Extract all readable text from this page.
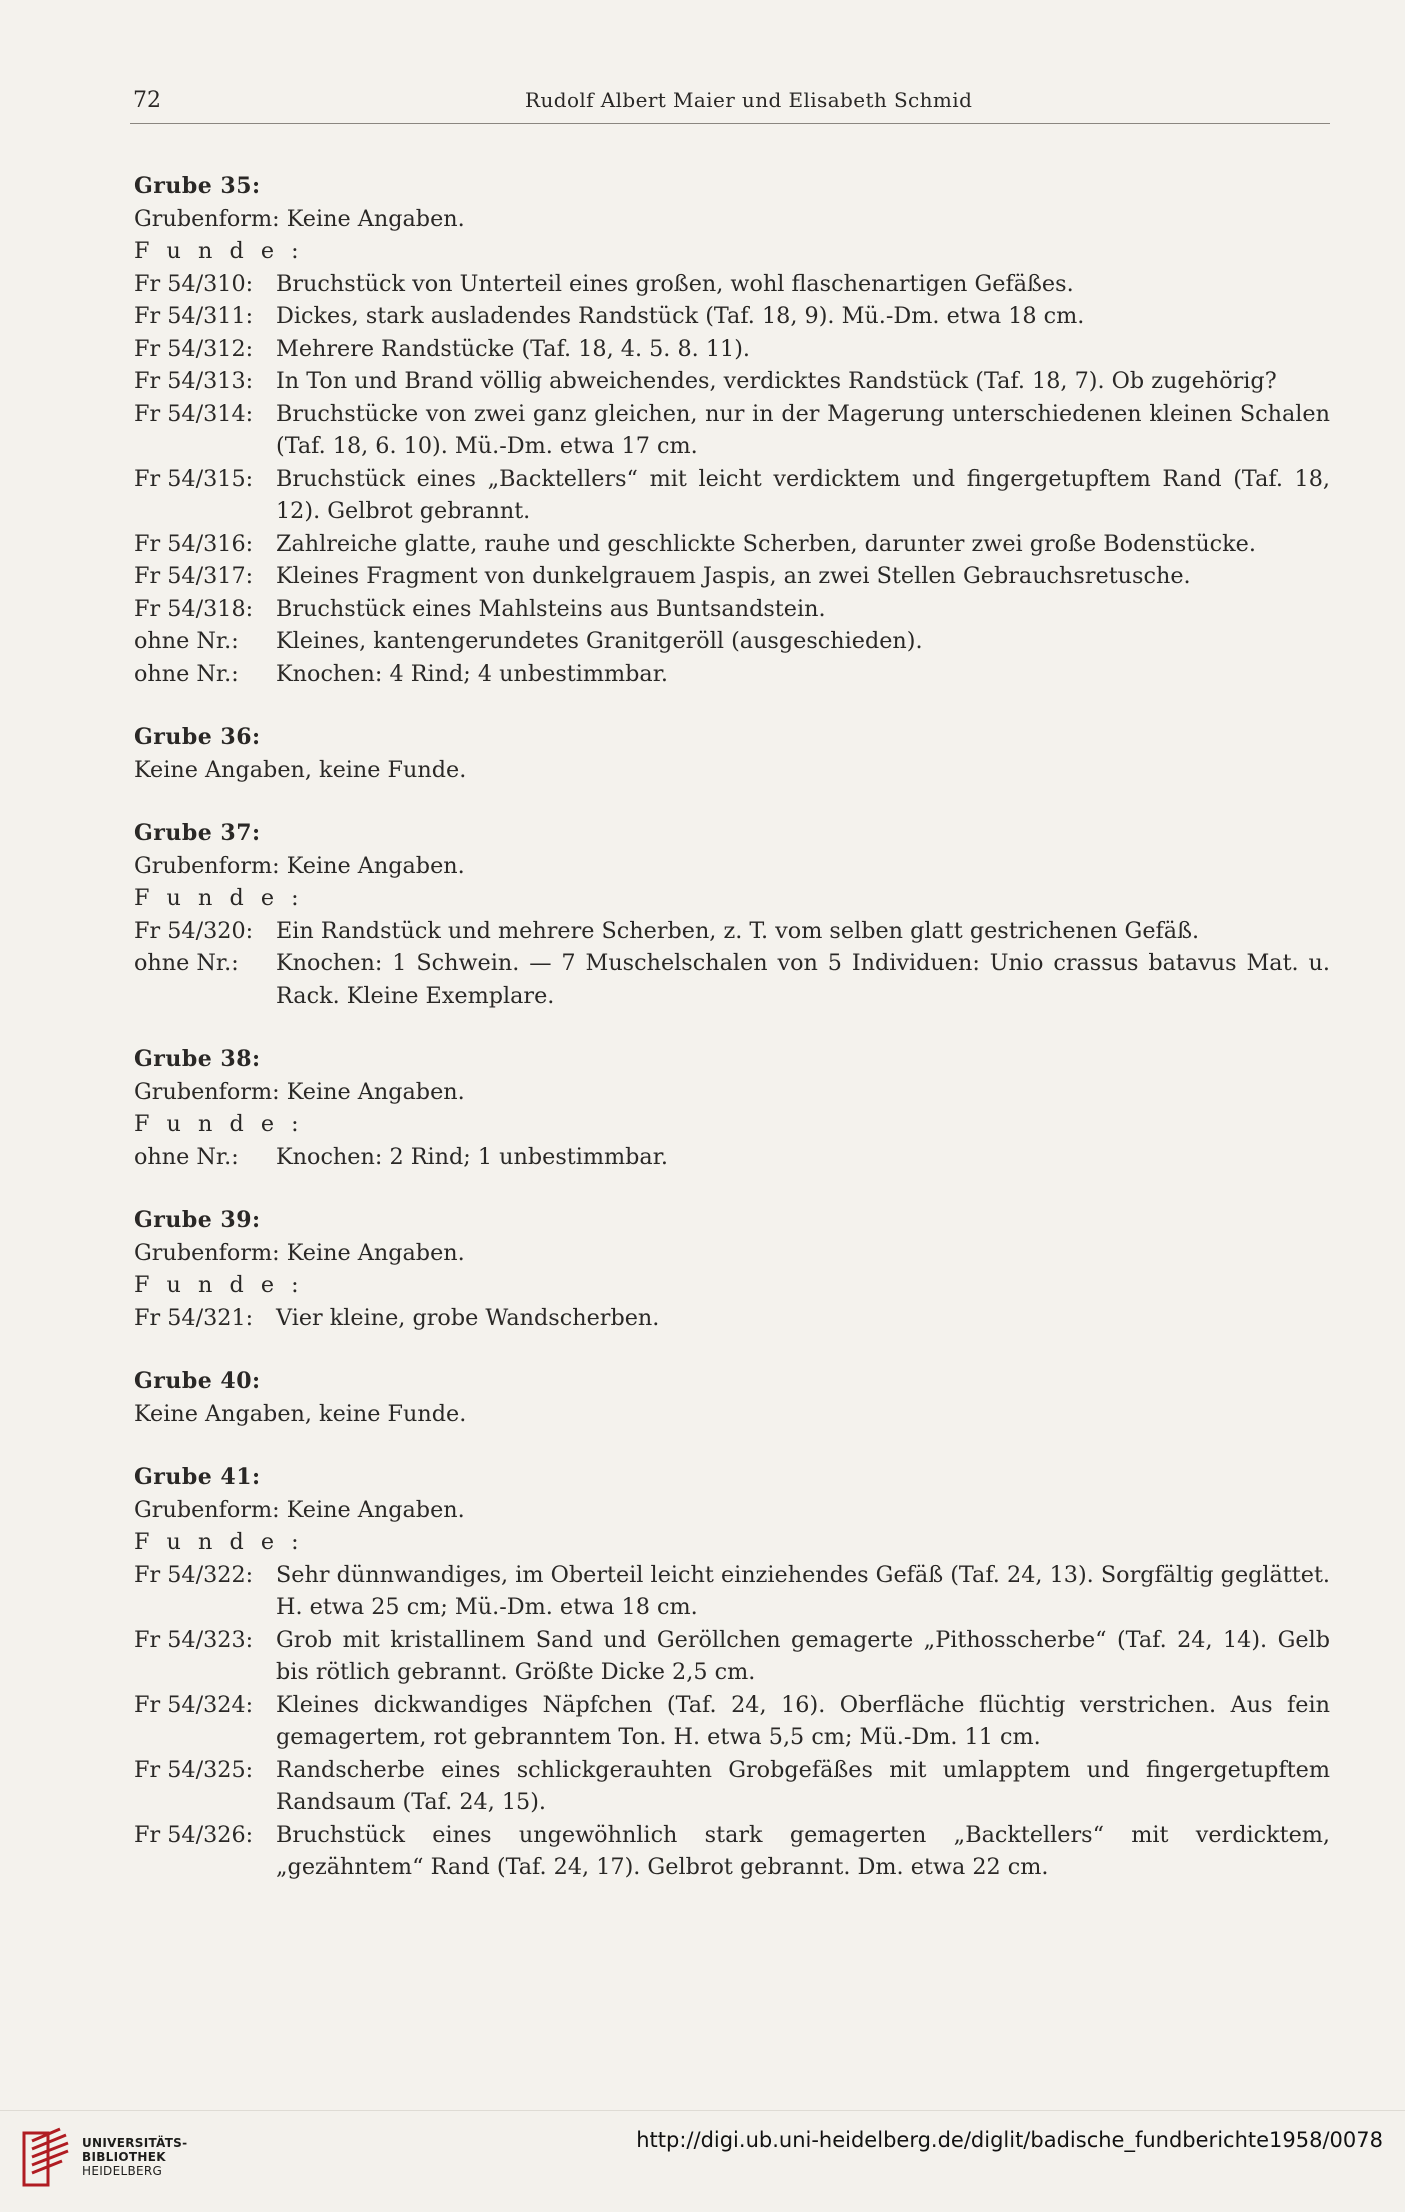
72	Rudolf Albert Maier und Elisabeth Schmid
Grube 35:
Grubenform: Keine Angaben.
F u n d e :
Fr 54/310:	Bruchstück von Unterteil eines großen, wohl flaschenartigen Gefäßes.
Fr 54/311:	Dickes, stark ausladendes Randstück (Taf. 18, 9). Mü.-Dm. etwa 18 cm.
Fr 54/312:	Mehrere Randstücke (Taf. 18, 4. 5. 8. 11).
Fr 54/313:	In Ton und Brand völlig abweichendes, verdicktes Randstück (Taf. 18, 7). Ob zugehörig?
Fr 54/314:	Bruchstücke von zwei ganz gleichen, nur in der Magerung unterschiedenen kleinen Schalen (Taf. 18, 6. 10). Mü.-Dm. etwa 17 cm.
Fr 54/315:	Bruchstück eines „Backtellers“ mit leicht verdicktem und fingergetupftem Rand (Taf. 18, 12). Gelbrot gebrannt.
Fr 54/316:	Zahlreiche glatte, rauhe und geschlickte Scherben, darunter zwei große Bodenstücke.
Fr 54/317:	Kleines Fragment von dunkelgrauem Jaspis, an zwei Stellen Gebrauchsretusche.
Fr 54/318:	Bruchstück eines Mahlsteins aus Buntsandstein.
ohne Nr.:	Kleines, kantengerundetes Granitgeröll (ausgeschieden).
ohne Nr.:	Knochen: 4 Rind; 4 unbestimmbar.
Grube 36:
Keine Angaben, keine Funde.
Grube 37:
Grubenform: Keine Angaben.
F u n d e :
Fr 54/320:	Ein Randstück und mehrere Scherben, z. T. vom selben glatt gestrichenen Gefäß.
ohne Nr.:	Knochen: 1 Schwein. — 7 Muschelschalen von 5 Individuen: Unio crassus batavus Mat. u. Rack. Kleine Exemplare.
Grube 38:
Grubenform: Keine Angaben.
F u n d e :
ohne Nr.:	Knochen: 2 Rind; 1 unbestimmbar.
Grube 39:
Grubenform: Keine Angaben.
F u n d e :
Fr 54/321:	Vier kleine, grobe Wandscherben.
Grube 40:
Keine Angaben, keine Funde.
Grube 41:
Grubenform: Keine Angaben.
F u n d e :
Fr 54/322:	Sehr dünnwandiges, im Oberteil leicht einziehendes Gefäß (Taf. 24, 13). Sorgfältig geglättet. H. etwa 25 cm; Mü.-Dm. etwa 18 cm.
Fr 54/323:	Grob mit kristallinem Sand und Geröllchen gemagerte „Pithosscherbe“ (Taf. 24, 14). Gelb bis rötlich gebrannt. Größte Dicke 2,5 cm.
Fr 54/324:	Kleines dickwandiges Näpfchen (Taf. 24, 16). Oberfläche flüchtig verstrichen. Aus fein gemagertem, rot gebranntem Ton. H. etwa 5,5 cm; Mü.-Dm. 11 cm.
Fr 54/325:	Randscherbe eines schlickgerauhten Grobgefäßes mit umlapptem und fingergetupftem Randsaum (Taf. 24, 15).
Fr 54/326:	Bruchstück eines ungewöhnlich stark gemagerten „Backtellers“ mit verdicktem, „gezähntem“ Rand (Taf. 24, 17). Gelbrot gebrannt. Dm. etwa 22 cm.
UNIVERSITÄTS-
BIBLIOTHEK
HEIDELBERG
http://digi.ub.uni-heidelberg.de/diglit/badische_fundberichte1958/0078
